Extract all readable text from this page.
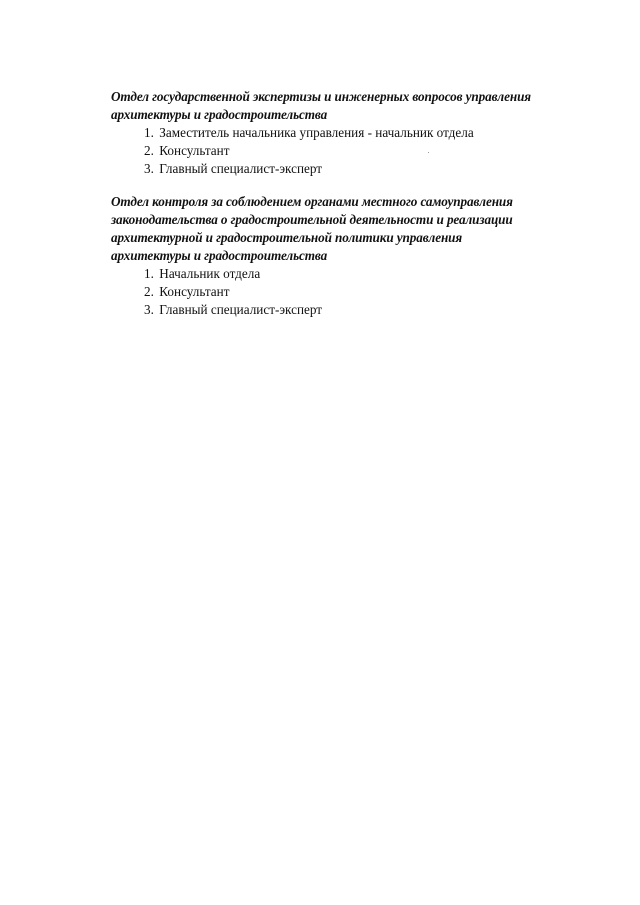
Отдел государственной экспертизы и инженерных вопросов управления
архитектуры и градостроительства

1. Заместитель начальника управления - начальник отдела
2. Консультант
3. Главный специалист-эксперт

Отдел контроля за соблюдением органами местного самоуправления
законодательства о градостроительной деятельности и реализации
архитектурной и градостроительной политики управления
архитектуры и градостроительства

1. Начальник отдела
2. Консультант
3. Главный специалист-эксперт
